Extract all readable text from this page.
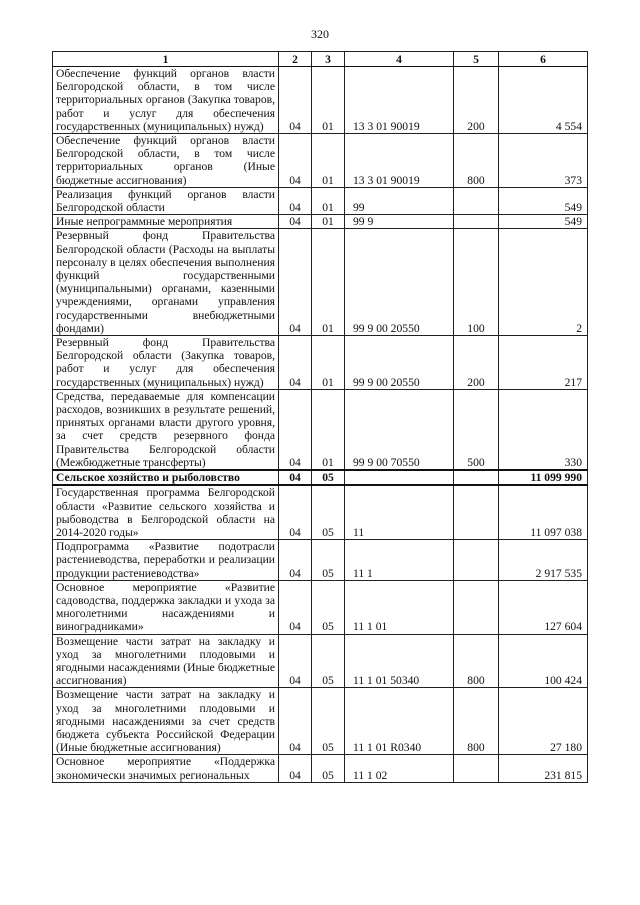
320
1	2	3	4	5	6
Обеспечение функций органов власти Белгородской области, в том числе территориальных органов (Закупка товаров, работ и услуг для обеспечения государственных (муниципальных) нужд)	04	01	13 3 01 90019	200	4 554
Обеспечение функций органов власти Белгородской области, в том числе территориальных органов (Иные бюджетные ассигнования)	04	01	13 3 01 90019	800	373
Реализация функций органов власти Белгородской области	04	01	99		549
Иные непрограммные мероприятия	04	01	99 9		549
Резервный фонд Правительства Белгородской области (Расходы на выплаты персоналу в целях обеспечения выполнения функций государственными (муниципальными) органами, казенными учреждениями, органами управления государственными внебюджетными фондами)	04	01	99 9 00 20550	100	2
Резервный фонд Правительства Белгородской области (Закупка товаров, работ и услуг для обеспечения государственных (муниципальных) нужд)	04	01	99 9 00 20550	200	217
Средства, передаваемые для компенсации расходов, возникших в результате решений, принятых органами власти другого уровня, за счет средств резервного фонда Правительства Белгородской области (Межбюджетные трансферты)	04	01	99 9 00 70550	500	330
Сельское хозяйство и рыболовство	04	05			11 099 990
Государственная программа Белгородской области «Развитие сельского хозяйства и рыбоводства в Белгородской области на 2014-2020 годы»	04	05	11		11 097 038
Подпрограмма «Развитие подотрасли растениеводства, переработки и реализации продукции растениеводства»	04	05	11 1		2 917 535
Основное мероприятие «Развитие садоводства, поддержка закладки и ухода за многолетними насаждениями и виноградниками»	04	05	11 1 01		127 604
Возмещение части затрат на закладку и уход за многолетними плодовыми и ягодными насаждениями (Иные бюджетные ассигнования)	04	05	11 1 01 50340	800	100 424
Возмещение части затрат на закладку и уход за многолетними плодовыми и ягодными насаждениями за счет средств бюджета субъекта Российской Федерации (Иные бюджетные ассигнования)	04	05	11 1 01 R0340	800	27 180
Основное мероприятие «Поддержка экономически значимых региональных	04	05	11 1 02		231 815
